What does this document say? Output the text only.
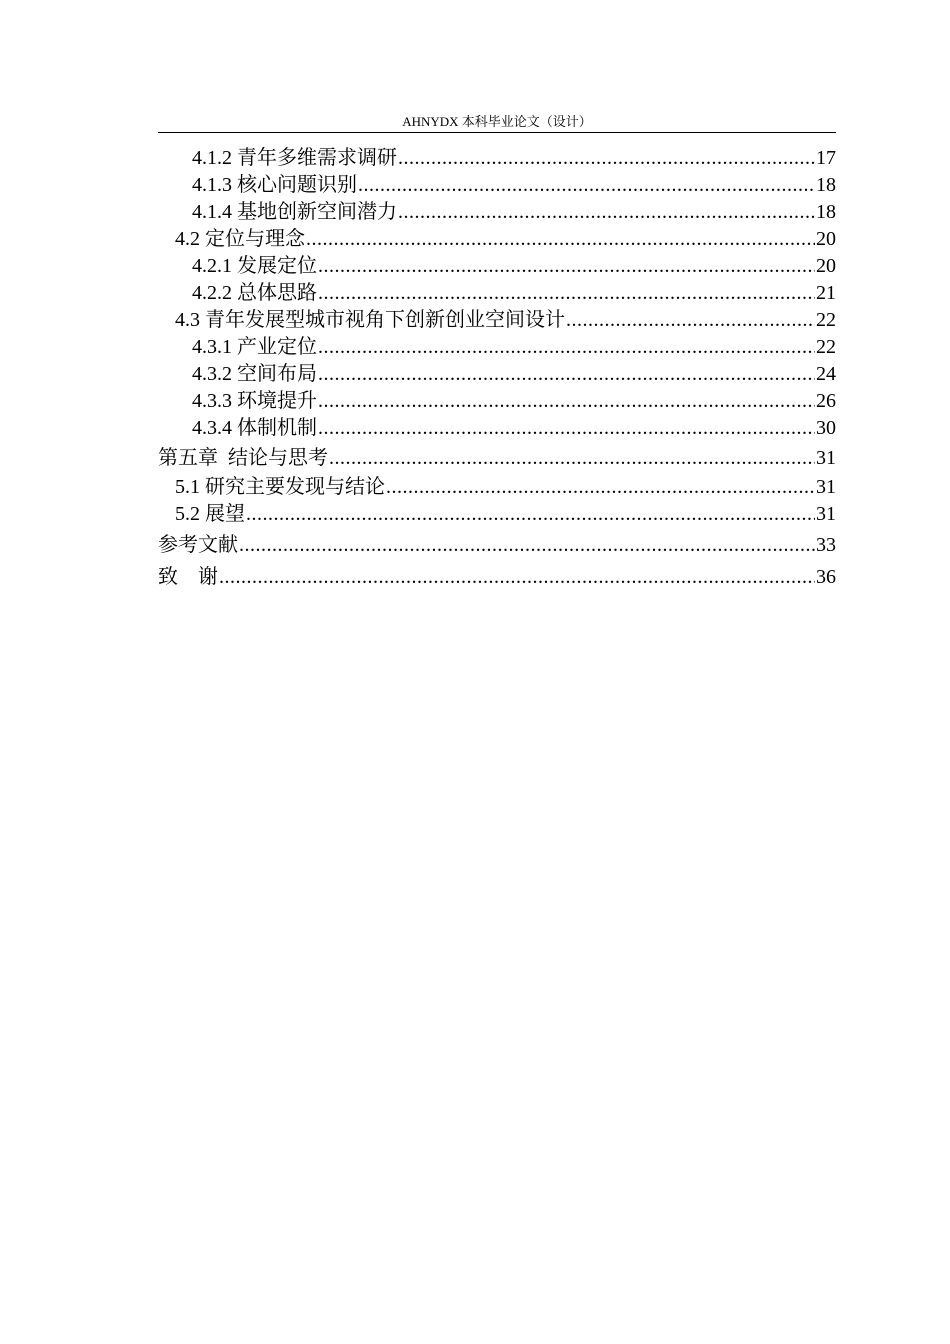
AHNYDX 本科毕业论文（设计）
4.1.2 青年多维需求调研 .....	17
4.1.3 核心问题识别 .....	18
4.1.4 基地创新空间潜力 .....	18
4.2 定位与理念 .....	20
4.2.1 发展定位 .....	20
4.2.2 总体思路 .....	21
4.3 青年发展型城市视角下创新创业空间设计 .....	22
4.3.1 产业定位 .....	22
4.3.2 空间布局 .....	24
4.3.3 环境提升 .....	26
4.3.4 体制机制 .....	30
第五章  结论与思考 .....	31
5.1 研究主要发现与结论 .....	31
5.2 展望 .....	31
参考文献 .....	33
致    谢 .....	36
